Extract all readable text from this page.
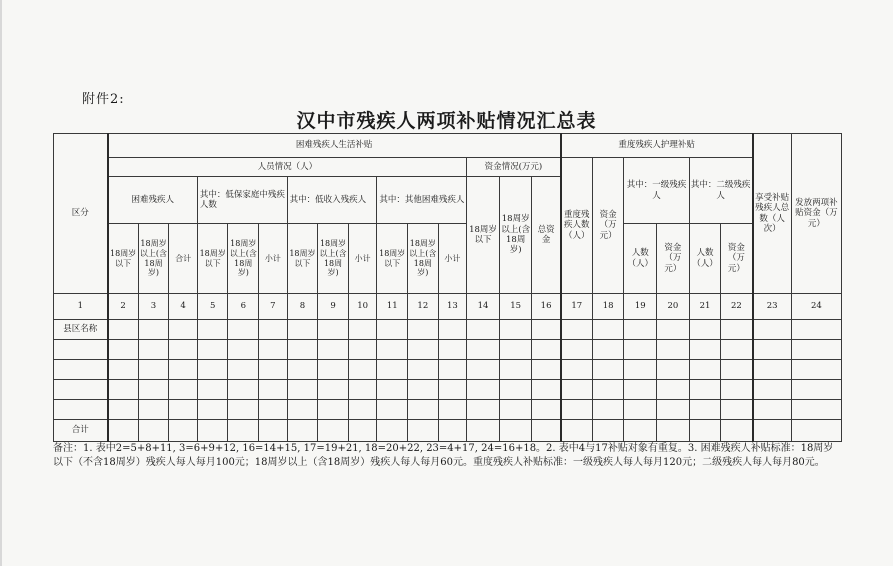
附件2:
汉中市残疾人两项补贴情况汇总表
区分	困难残疾人生活补贴															重度残疾人护理补贴						享受补贴残疾人总数（人次）	发放两项补贴资金（万元）
	人员情况（人）												资金情况(万元)			重度残疾人数（人）	资金（万元）	其中：一级残疾人		其中：二级残疾人			
	困难残疾人			其中：低保家庭中残疾人数			其中：低收入残疾人			其中：其他困难残疾人			18周岁以下	18周岁以上(含18周岁)	总资金								
	18周岁以下	18周岁以上(含18周岁)	合计	18周岁以下	18周岁以上(含18周岁)	小计	18周岁以下	18周岁以上(含18周岁)	小计	18周岁以下	18周岁以上(含18周岁)	小计						人数（人）	资金（万元）	人数（人）	资金（万元）		
1	2	3	4	5	6	7	8	9	10	11	12	13	14	15	16	17	18	19	20	21	22	23	24
县区名称																							

合计																							
备注：1. 表中2=5+8+11, 3=6+9+12, 16=14+15, 17=19+21, 18=20+22, 23=4+17, 24=16+18。2. 表中4与17补贴对象有重复。3. 困难残疾人补贴标准：18周岁以下（不含18周岁）残疾人每人每月100元；18周岁以上（含18周岁）残疾人每人每月60元。重度残疾人补贴标准：一级残疾人每人每月120元；二级残疾人每人每月80元。
